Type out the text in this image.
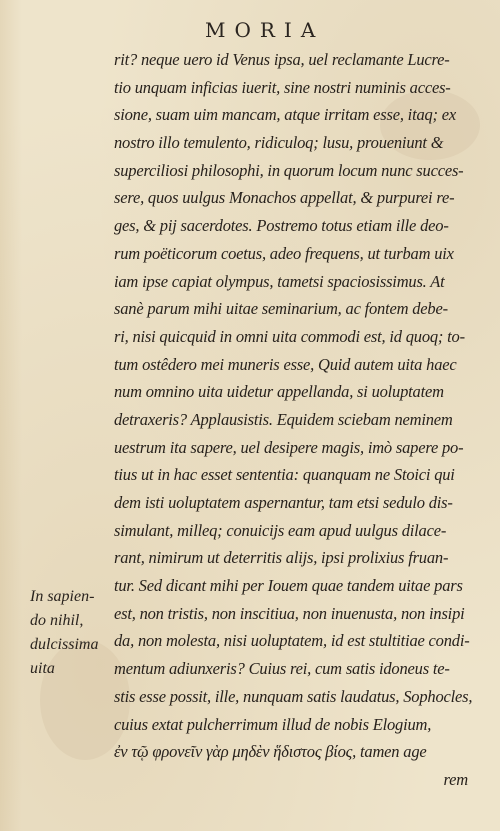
MORIA
rit? neque uero id Venus ipsa, uel reclamante Lucre-
tio unquam inficias iuerit, sine nostri numinis acces-
sione, suam uim mancam, atque irritam esse, itaq; ex
nostro illo temulento, ridiculoq; lusu, proueniunt &
superciliosi philosophi, in quorum locum nunc succes-
sere, quos uulgus Monachos appellat, & purpurei re-
ges, & pij sacerdotes. Postremo totus etiam ille deo-
rum poëticorum coetus, adeo frequens, ut turbam uix
iam ipse capiat olympus, tametsi spaciosissimus. At
sanè parum mihi uitae seminarium, ac fontem debe-
ri, nisi quicquid in omni uita commodi est, id quoq; to-
tum ostêdero mei muneris esse, Quid autem uita haec
num omnino uita uidetur appellanda, si uoluptatem
detraxeris? Applausistis. Equidem sciebam neminem
uestrum ita sapere, uel desipere magis, imò sapere po-
tius ut in hac esset sententia: quanquam ne Stoici qui
dem isti uoluptatem aspernantur, tam etsi sedulo dis-
simulant, milleq; conuicijs eam apud uulgus dilace-
rant, nimirum ut deterritis alijs, ipsi prolixius fruan-
tur. Sed dicant mihi per Iouem quae tandem uitae pars
est, non tristis, non inscitiua, non inuenusta, non insipi
da, non molesta, nisi uoluptatem, id est stultitiae condi-
mentum adiunxeris? Cuius rei, cum satis idoneus te-
stis esse possit, ille, nunquam satis laudatus, Sophocles,
cuius extat pulcherrimum illud de nobis Elogium,
ἐν τῷ φρονεῖν γὰρ μηδὲν ἥδιστος βίος, tamen age
rem
In sapien-
do nihil,
dulcissima
uita
